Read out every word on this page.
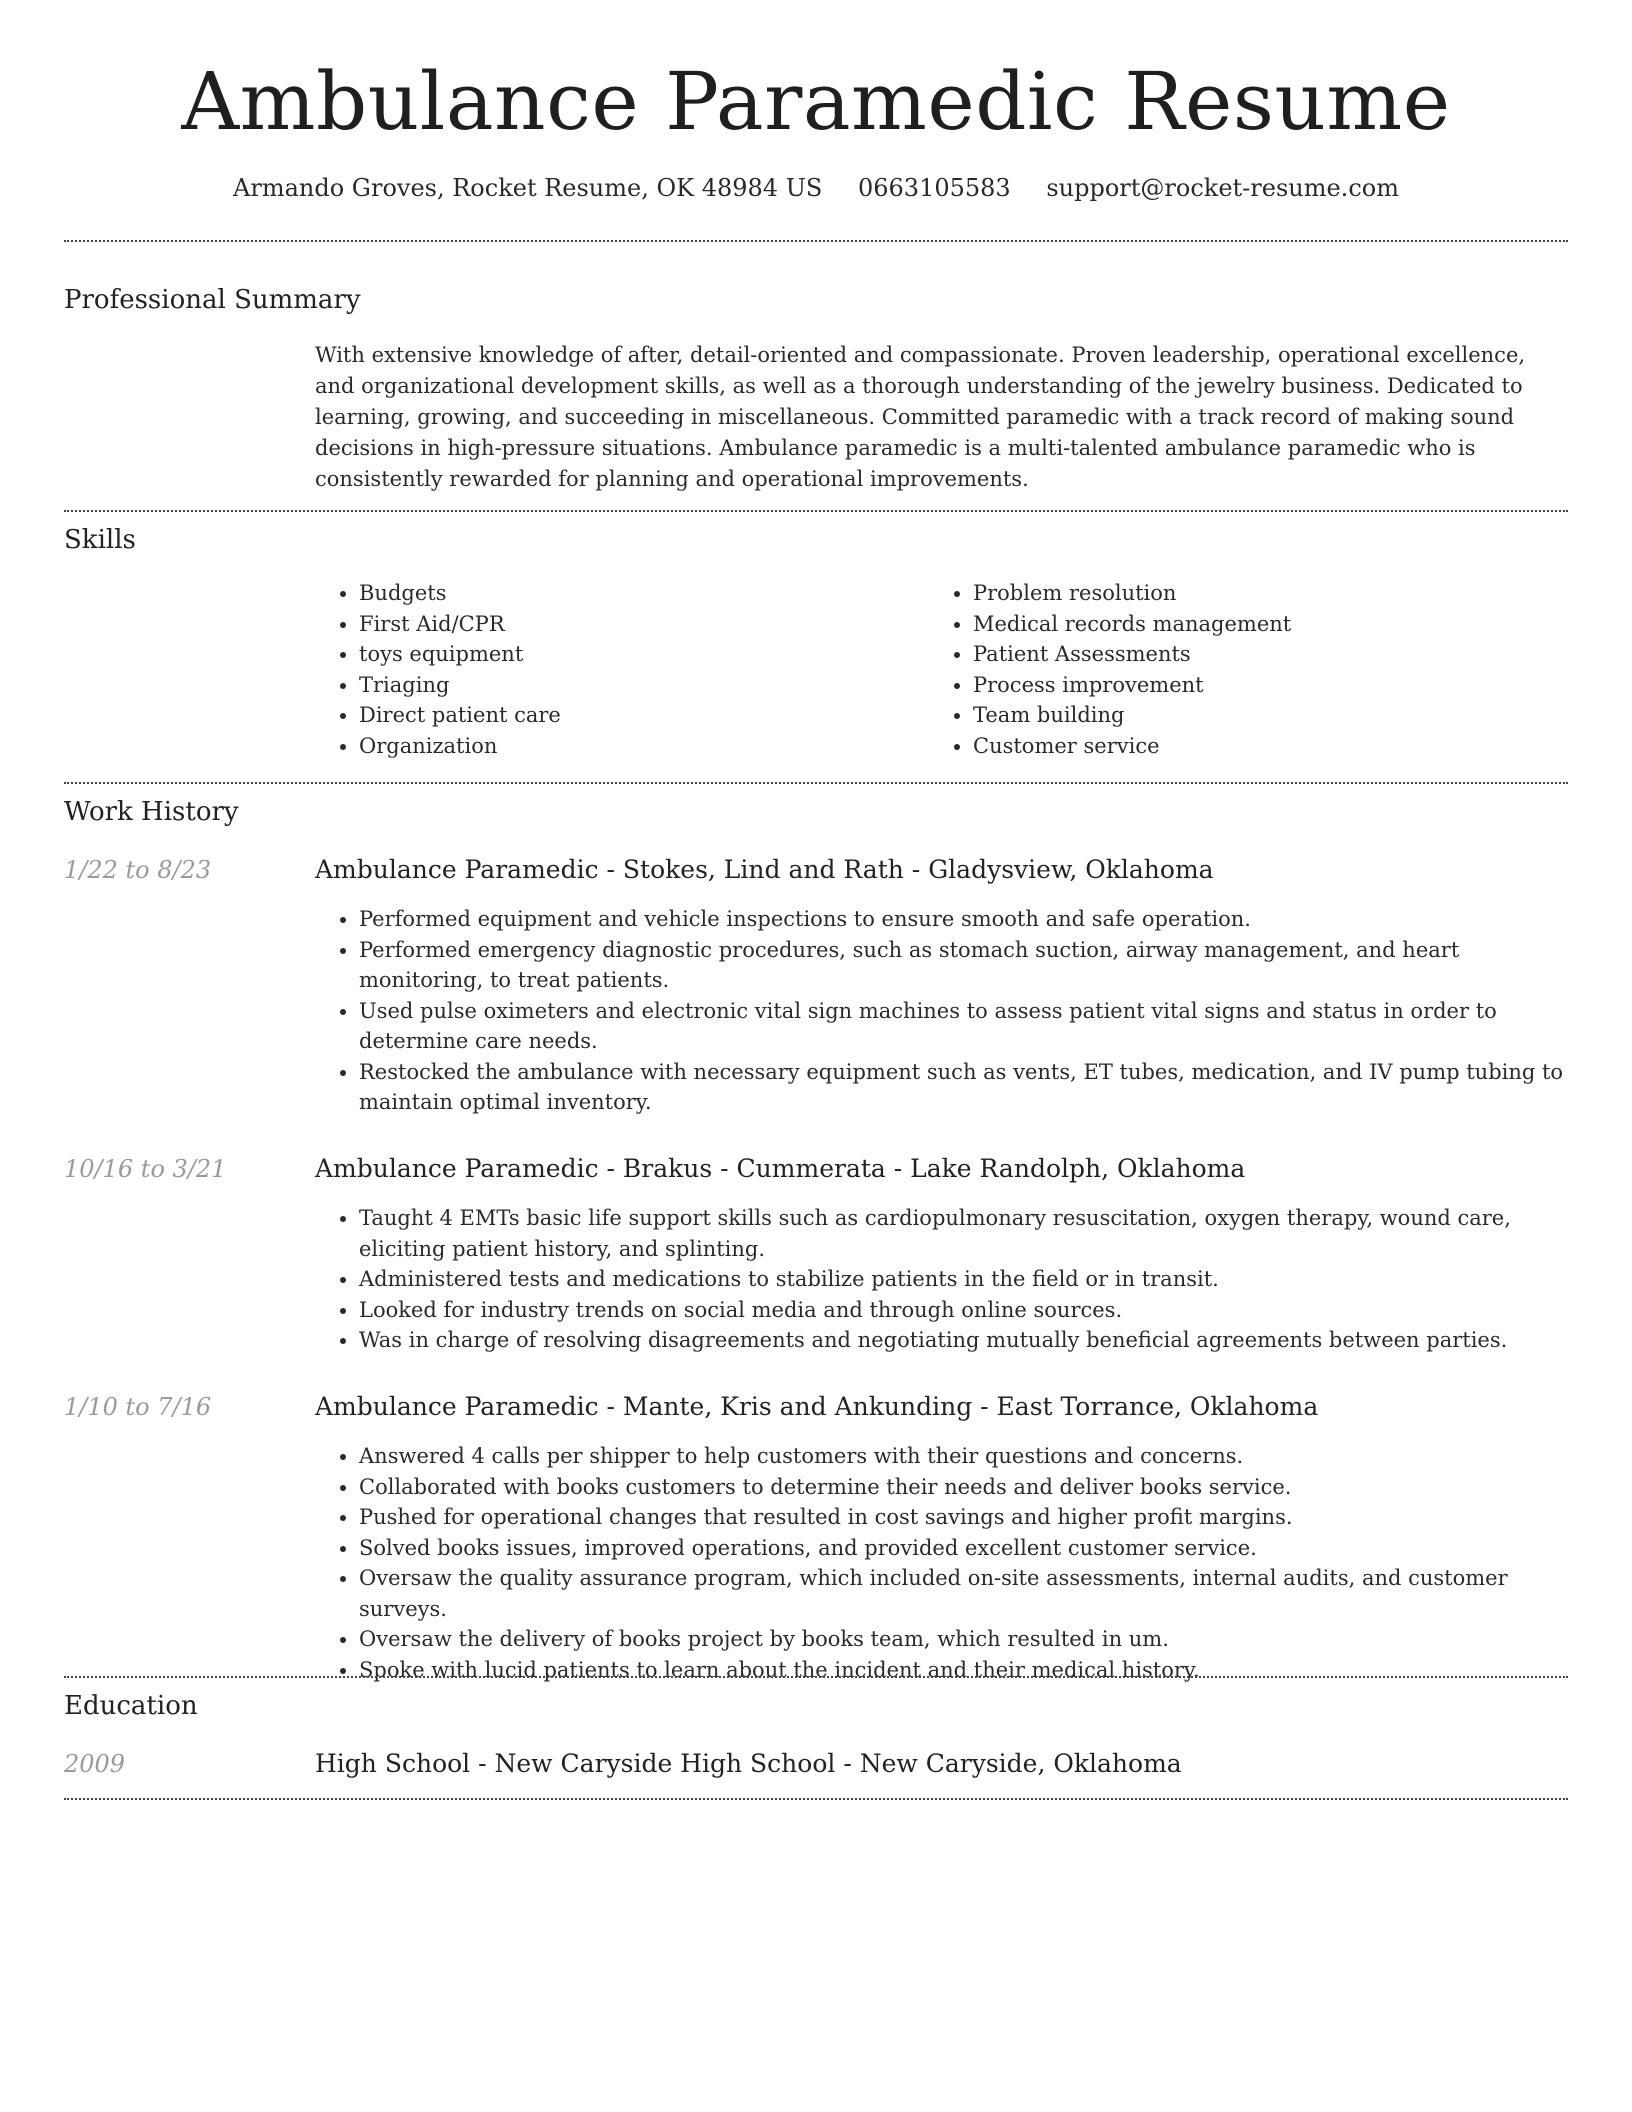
Ambulance Paramedic Resume
Armando Groves, Rocket Resume, OK 48984 US 0663105583 support@rocket-resume.com
Professional Summary
With extensive knowledge of after, detail-oriented and compassionate. Proven leadership, operational excellence, and organizational development skills, as well as a thorough understanding of the jewelry business. Dedicated to learning, growing, and succeeding in miscellaneous. Committed paramedic with a track record of making sound decisions in high-pressure situations. Ambulance paramedic is a multi-talented ambulance paramedic who is consistently rewarded for planning and operational improvements.
Skills
• Budgets
• First Aid/CPR
• toys equipment
• Triaging
• Direct patient care
• Organization
• Problem resolution
• Medical records management
• Patient Assessments
• Process improvement
• Team building
• Customer service
Work History
1/22 to 8/23	Ambulance Paramedic - Stokes, Lind and Rath - Gladysview, Oklahoma
• Performed equipment and vehicle inspections to ensure smooth and safe operation.
• Performed emergency diagnostic procedures, such as stomach suction, airway management, and heart monitoring, to treat patients.
• Used pulse oximeters and electronic vital sign machines to assess patient vital signs and status in order to determine care needs.
• Restocked the ambulance with necessary equipment such as vents, ET tubes, medication, and IV pump tubing to maintain optimal inventory.
10/16 to 3/21	Ambulance Paramedic - Brakus - Cummerata - Lake Randolph, Oklahoma
• Taught 4 EMTs basic life support skills such as cardiopulmonary resuscitation, oxygen therapy, wound care, eliciting patient history, and splinting.
• Administered tests and medications to stabilize patients in the field or in transit.
• Looked for industry trends on social media and through online sources.
• Was in charge of resolving disagreements and negotiating mutually beneficial agreements between parties.
1/10 to 7/16	Ambulance Paramedic - Mante, Kris and Ankunding - East Torrance, Oklahoma
• Answered 4 calls per shipper to help customers with their questions and concerns.
• Collaborated with books customers to determine their needs and deliver books service.
• Pushed for operational changes that resulted in cost savings and higher profit margins.
• Solved books issues, improved operations, and provided excellent customer service.
• Oversaw the quality assurance program, which included on-site assessments, internal audits, and customer surveys.
• Oversaw the delivery of books project by books team, which resulted in um.
• Spoke with lucid patients to learn about the incident and their medical history.
Education
2009	High School - New Caryside High School - New Caryside, Oklahoma
